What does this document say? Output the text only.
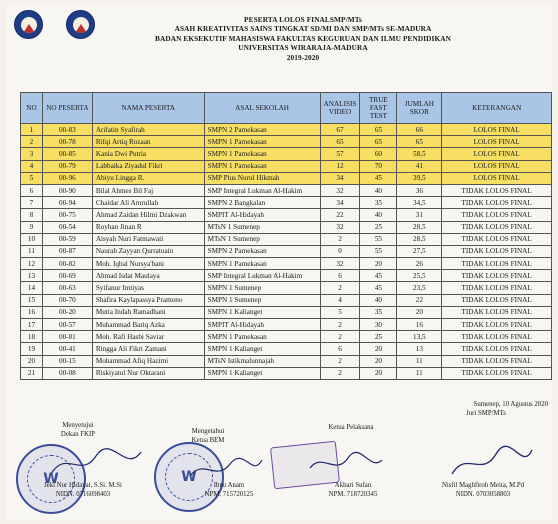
PESERTA LOLOS FINALSMP/MTs
ASAH KREATIVITAS SAINS TINGKAT SD/MI DAN SMP/MTs SE-MADURA
BADAN EKSEKUTIF MAHASISWA FAKULTAS KEGURUAN DAN ILMU PENDIDIKAN
UNIVERSITAS WIRARAJA-MADURA
2019-2020
NO	NO PESERTA	NAMA PESERTA	ASAL SEKOLAH	ANALISIS VIDEO	TRUE FAST TEST	JUMLAH SKOR	KETERANGAN
1	00-83	Arifatin Syafirah	SMPN 2 Pamekasan	67	65	66	LOLOS FINAL
2	00-78	Rifqi Artiq Rozaan	SMPN 1 Pamekasan	65	65	65	LOLOS FINAL
3	00-85	Kania Dwi Putria	SMPN 1 Pamekasan	57	60	58,5	LOLOS FINAL
4	00-79	Labbaika Ziyadul Fikri	SMPN 1 Pamekasan	12	70	41	LOLOS FINAL
5	00-96	Abiyu Lingga R.	SMP Plus Nurul Hikmah	34	45	39,5	LOLOS FINAL
6	00-90	Bilal Ahmes Bil Faj	SMP Integral Lukman Al-Hakim	32	40	36	TIDAK LOLOS FINAL
7	00-94	Chaidar Ali Amrullah	SMPN 2 Bangkalan	34	35	34,5	TIDAK LOLOS FINAL
8	00-75	Ahmad Zaidan Hilmi Dzakwan	SMPIT Al-Hidayah	22	40	31	TIDAK LOLOS FINAL
9	00-54	Royhan Jinan R	MTsN 1 Sumenep	32	25	28,5	TIDAK LOLOS FINAL
10	00-59	Aisyah Nuri Fatmawati	MTsN 1 Sumenep	2	55	28,5	TIDAK LOLOS FINAL
11	00-87	Naurah Zayyan Qurratuain	SMPN 2 Pamekasan	0	55	27,5	TIDAK LOLOS FINAL
12	00-82	Moh. Iqbal Nursya'bani	SMPN 1 Pamekasan	32	20	26	TIDAK LOLOS FINAL
13	00-69	Ahmad Isdat Maulaya	SMP Integral Lukman Al-Hakim	6	45	25,5	TIDAK LOLOS FINAL
14	00-63	Syifanur Imtiyas	SMPN 1 Sumenep	2	45	23,5	TIDAK LOLOS FINAL
15	00-70	Shafira Kaylapassya Pramono	SMPN 1 Sumenep	4	40	22	TIDAK LOLOS FINAL
16	00-20	Mutia Indah Ramadhani	SMPN 1 Kalianget	5	35	20	TIDAK LOLOS FINAL
17	00-57	Muhammad Bariq Azka	SMPIT Al-Hidayah	2	30	16	TIDAK LOLOS FINAL
18	00-81	Moh. Rafi Hasbi Saviar	SMPN 1 Pamekasan	2	25	13,5	TIDAK LOLOS FINAL
19	00-41	Ringga Ali Fikri Zamani	SMPN 1 Kalianget	6	20	13	TIDAK LOLOS FINAL
20	00-15	Mohammad Afiq Hazimi	MTsN Istikmalunnajah	2	20	11	TIDAK LOLOS FINAL
21	00-08	Riskiyatul Nur Oktarani	SMPN 1 Kalianget	2	20	11	TIDAK LOLOS FINAL
Sumenep, 10 Agustus 2020
Juri SMP/MTs
Menyetujui
Dekan FKIP	Mengetahui
Ketua BEM
Ketua Pelaksana
W	W
Jeki Nur Hidayat, S.Si. M.Si
NIDN. 0716098403
Ibnu Anam
NPM. 715720125
Akbari Sufan
NPM. 718720345
Nisfil Maghfiroh Meita, M.Pd
NIDN. 0703058803
